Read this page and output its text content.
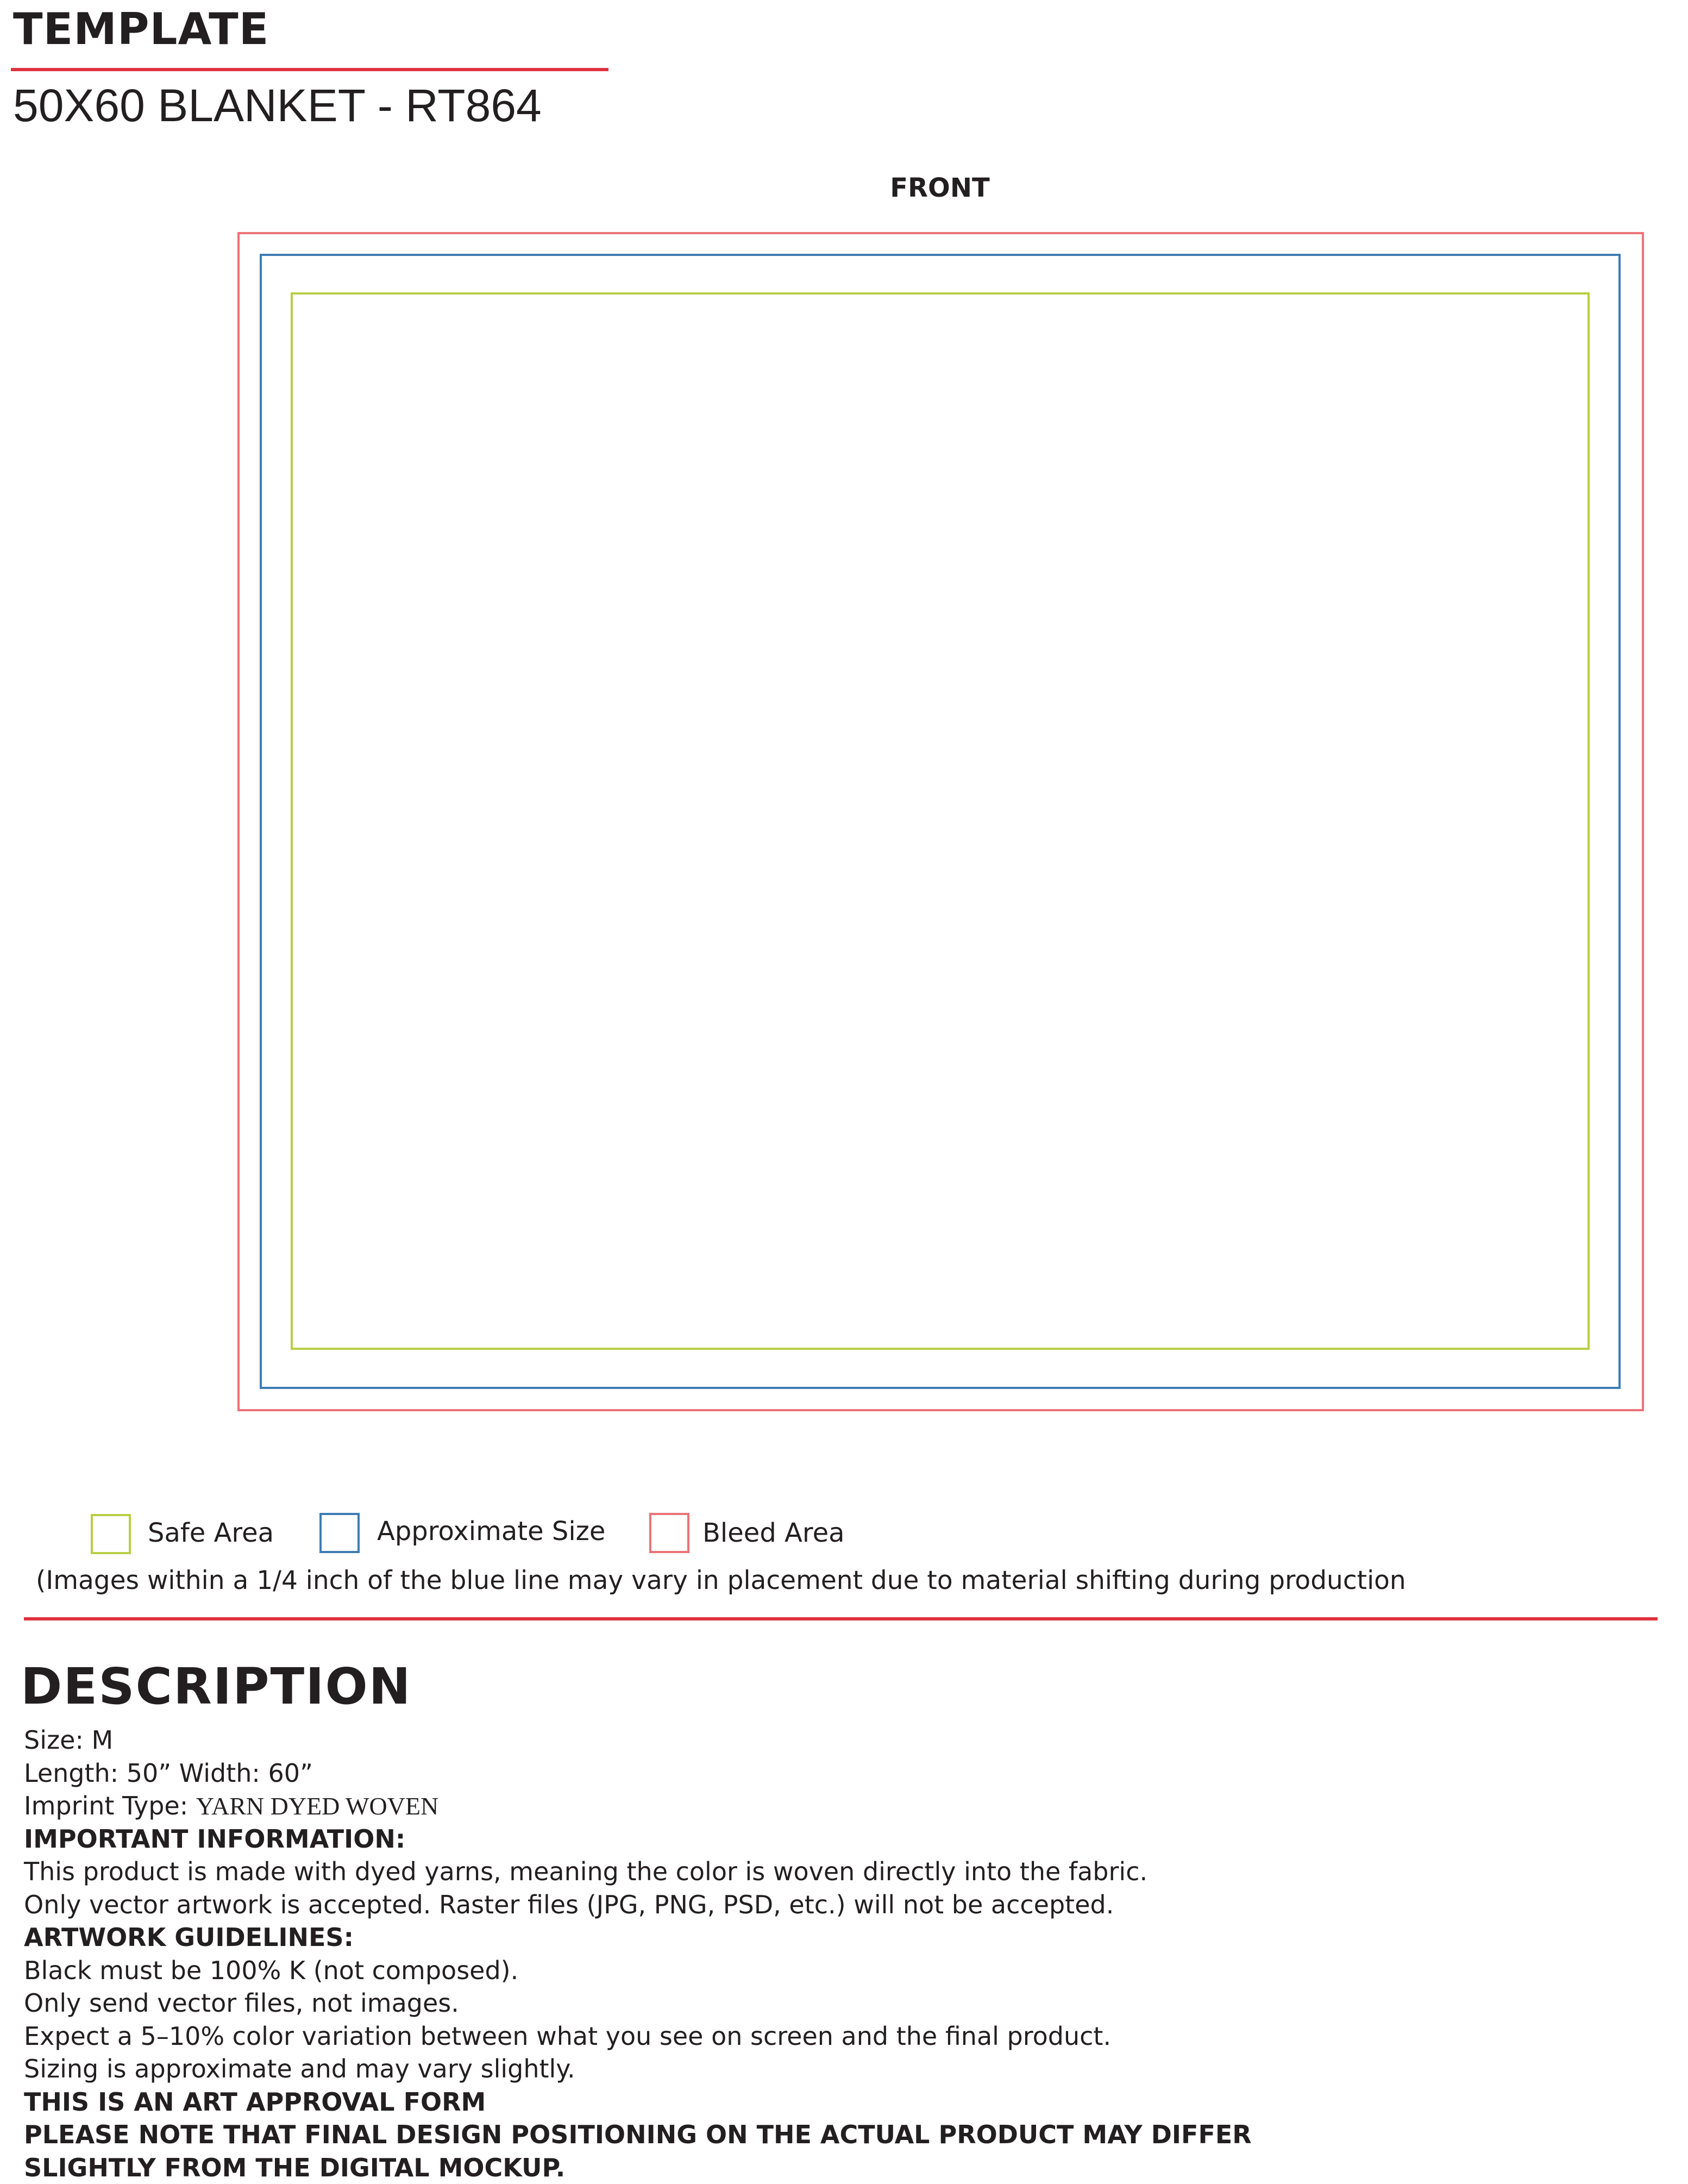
TEMPLATE
50X60 BLANKET - RT864
FRONT
Safe Area	Approximate Size	Bleed Area
(Images within a 1/4 inch of the blue line may vary in placement due to material shifting during production
DESCRIPTION
Size: M
Length: 50” Width: 60”
Imprint Type: YARN DYED WOVEN
IMPORTANT INFORMATION:
This product is made with dyed yarns, meaning the color is woven directly into the fabric.
Only vector artwork is accepted. Raster files (JPG, PNG, PSD, etc.) will not be accepted.
ARTWORK GUIDELINES:
Black must be 100% K (not composed).
Only send vector files, not images.
Expect a 5–10% color variation between what you see on screen and the final product.
Sizing is approximate and may vary slightly.
THIS IS AN ART APPROVAL FORM
PLEASE NOTE THAT FINAL DESIGN POSITIONING ON THE ACTUAL PRODUCT MAY DIFFER
SLIGHTLY FROM THE DIGITAL MOCKUP.
